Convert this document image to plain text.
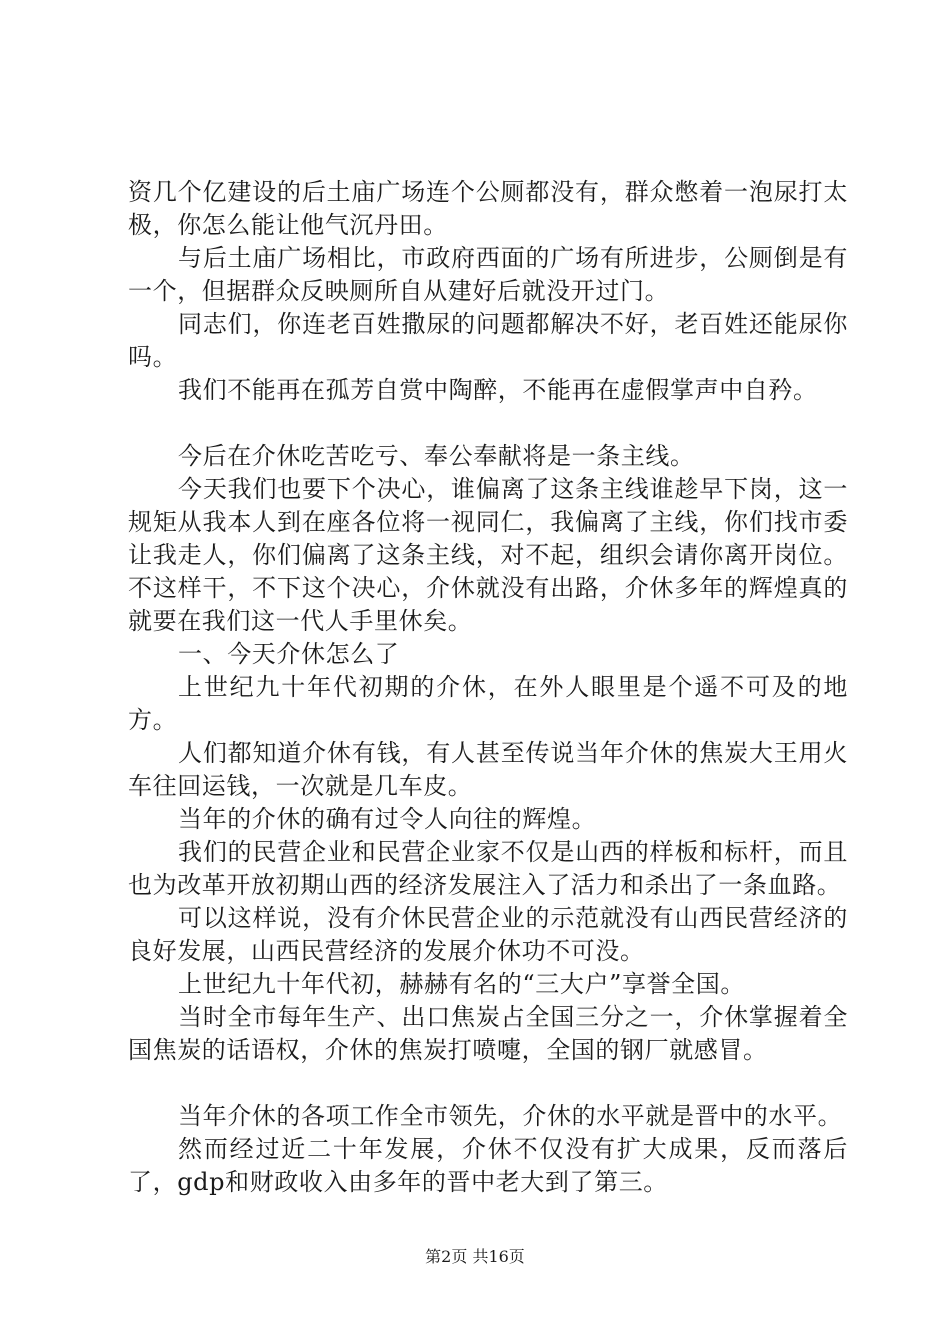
资几个亿建设的后土庙广场连个公厕都没有，群众憋着一泡尿打太极，你怎么能让他气沉丹田。

与后土庙广场相比，市政府西面的广场有所进步，公厕倒是有一个，但据群众反映厕所自从建好后就没开过门。

同志们，你连老百姓撒尿的问题都解决不好，老百姓还能尿你吗。

我们不能再在孤芳自赏中陶醉，不能再在虚假掌声中自矜。

今后在介休吃苦吃亏、奉公奉献将是一条主线。

今天我们也要下个决心，谁偏离了这条主线谁趁早下岗，这一规矩从我本人到在座各位将一视同仁，我偏离了主线，你们找市委让我走人，你们偏离了这条主线，对不起，组织会请你离开岗位。不这样干，不下这个决心，介休就没有出路，介休多年的辉煌真的就要在我们这一代人手里休矣。

一、今天介休怎么了

上世纪九十年代初期的介休，在外人眼里是个遥不可及的地方。

人们都知道介休有钱，有人甚至传说当年介休的焦炭大王用火车往回运钱，一次就是几车皮。

当年的介休的确有过令人向往的辉煌。

我们的民营企业和民营企业家不仅是山西的样板和标杆，而且也为改革开放初期山西的经济发展注入了活力和杀出了一条血路。

可以这样说，没有介休民营企业的示范就没有山西民营经济的良好发展，山西民营经济的发展介休功不可没。

上世纪九十年代初，赫赫有名的“三大户”享誉全国。

当时全市每年生产、出口焦炭占全国三分之一，介休掌握着全国焦炭的话语权，介休的焦炭打喷嚏，全国的钢厂就感冒。

当年介休的各项工作全市领先，介休的水平就是晋中的水平。

然而经过近二十年发展，介休不仅没有扩大成果，反而落后了，gdp和财政收入由多年的晋中老大到了第三。

第2页 共16页
